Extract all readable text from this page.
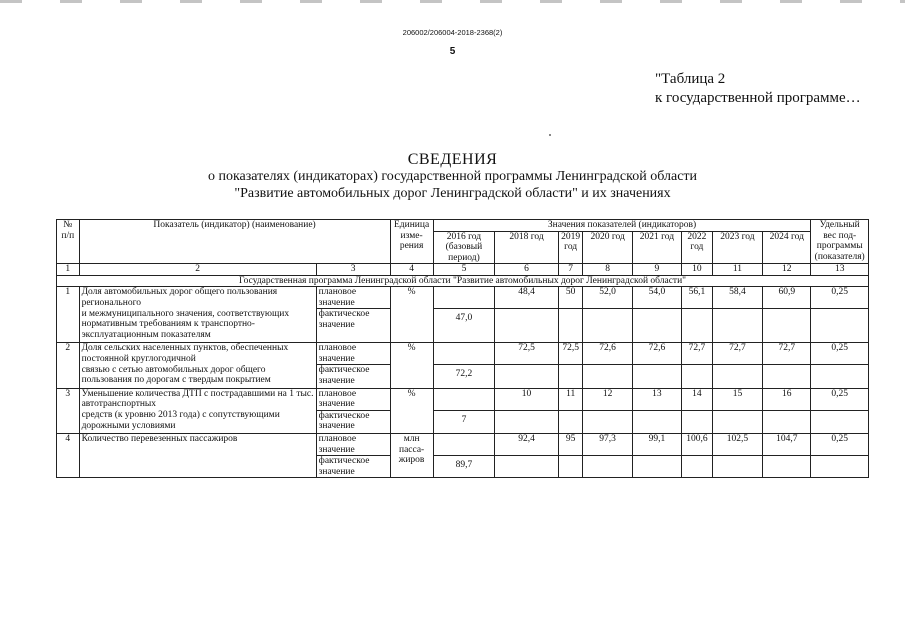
206002/206004-2018-2368(2)
5
"Таблица 2
к государственной программе…
СВЕДЕНИЯ
о показателях (индикаторах) государственной программы Ленинградской области
"Развитие автомобильных дорог Ленинградской области" и их значениях
№ п/п	Показатель (индикатор) (наименование)		Единица изме-рения	Значения показателей (индикаторов)								Удельный вес под-программы (показателя)
				2016 год (базовый период)	2018 год	2019 год	2020 год	2021 год	2022 год	2023 год	2024 год	
1	2	3	4	5	6	7	8	9	10	11	12	13
Государственная программа Ленинградской области "Развитие автомобильных дорог Ленинградской области"												
1	Доля автомобильных дорог общего пользования регионального	плановое значение	%		48,4	50	52,0	54,0	56,1	58,4	60,9	0,25
	и межмуниципального значения, соответствующих нормативным требованиям к транспортно-эксплуатационным показателям	фактическое значение		47,0								
2	Доля сельских населенных пунктов, обеспеченных постоянной круглогодичной	плановое значение	%		72,5	72,5	72,6	72,6	72,7	72,7	72,7	0,25
	связью с сетью автомобильных дорог общего пользования по дорогам с твердым покрытием	фактическое значение		72,2								
3	Уменьшение количества ДТП с пострадавшими на 1 тыс. автотранспортных	плановое значение	%		10	11	12	13	14	15	16	0,25
	средств (к уровню 2013 года) с сопутствующими дорожными условиями	фактическое значение		7								
4	Количество перевезенных пассажиров	плановое значение	млн пасса-жиров		92,4	95	97,3	99,1	100,6	102,5	104,7	0,25
		фактическое значение		89,7								
